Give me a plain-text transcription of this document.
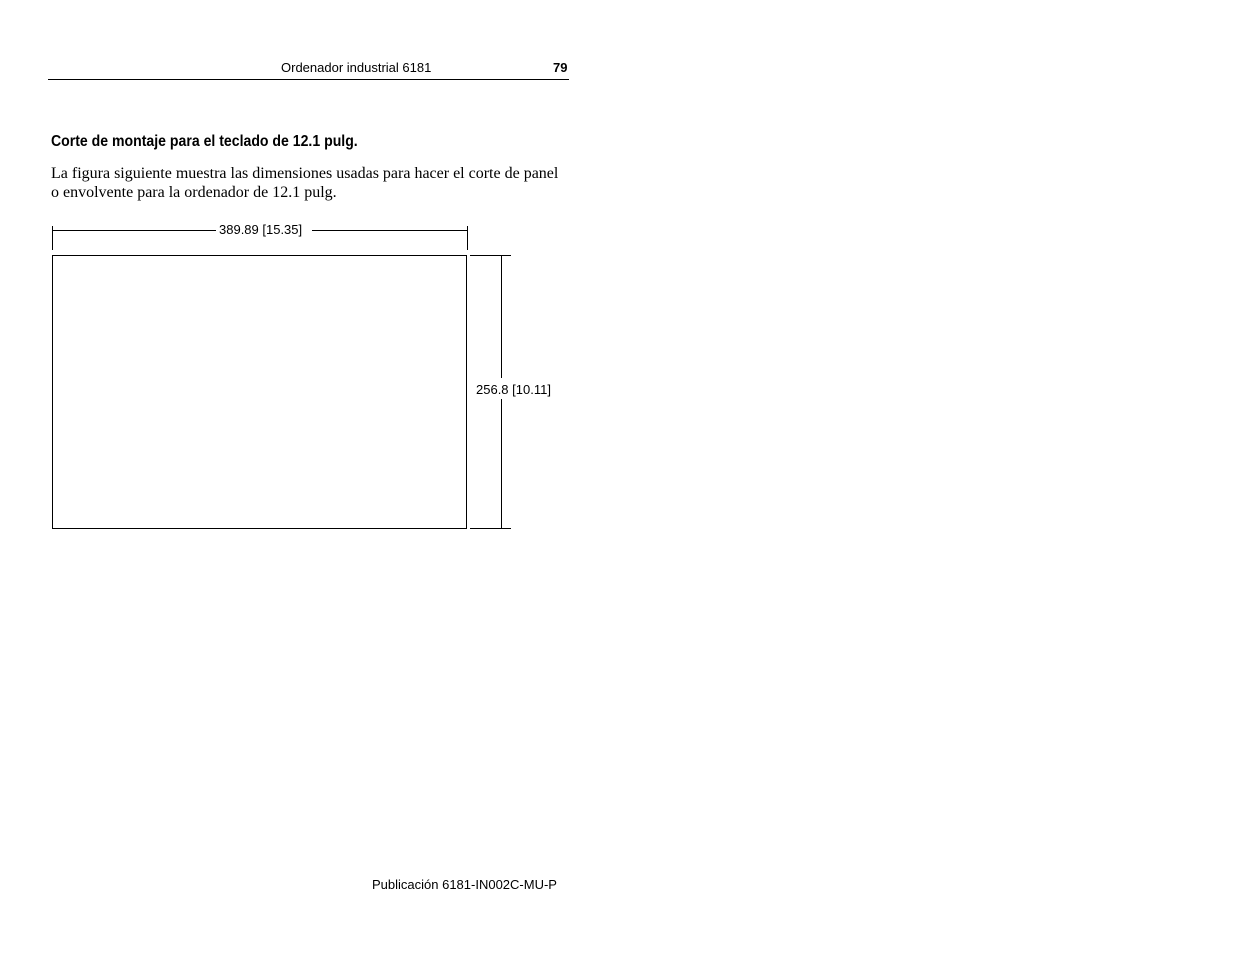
Ordenador industrial 6181	79
Corte de montaje para el teclado de 12.1 pulg.
La figura siguiente muestra las dimensiones usadas para hacer el corte de panel o envolvente para la ordenador de 12.1 pulg.
389.89 [15.35]
256.8 [10.11]
Publicación 6181-IN002C-MU-P
